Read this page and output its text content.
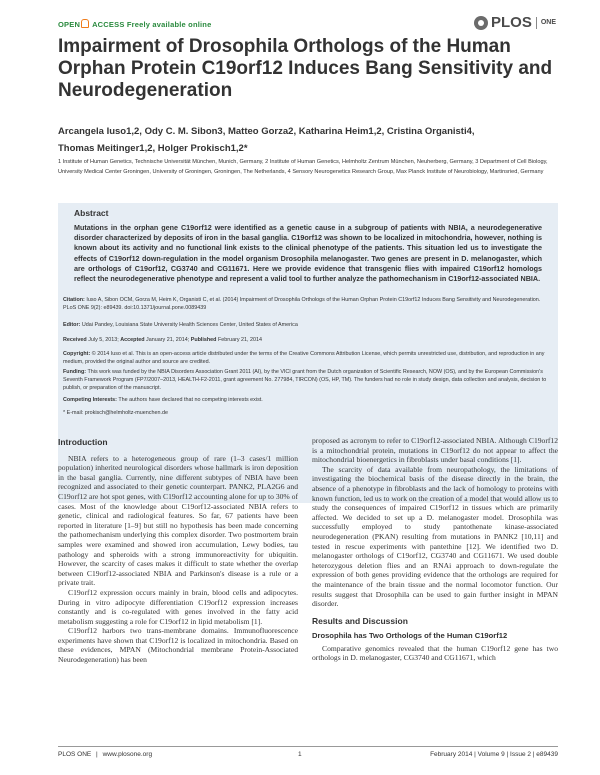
OPEN ACCESS Freely available online	PLOS ONE
Impairment of Drosophila Orthologs of the Human Orphan Protein C19orf12 Induces Bang Sensitivity and Neurodegeneration
Arcangela Iuso1,2, Ody C. M. Sibon3, Matteo Gorza2, Katharina Heim1,2, Cristina Organisti4,
Thomas Meitinger1,2, Holger Prokisch1,2*
1 Institute of Human Genetics, Technische Universität München, Munich, Germany, 2 Institute of Human Genetics, Helmholtz Zentrum München, Neuherberg, Germany, 3 Department of Cell Biology, University Medical Center Groningen, University of Groningen, Groningen, The Netherlands, 4 Sensory Neurogenetics Research Group, Max Planck Institute of Neurobiology, Martinsried, Germany
Abstract
Mutations in the orphan gene C19orf12 were identified as a genetic cause in a subgroup of patients with NBIA, a neurodegenerative disorder characterized by deposits of iron in the basal ganglia. C19orf12 was shown to be localized in mitochondria, however, nothing is known about its activity and no functional link exists to the clinical phenotype of the patients. This situation led us to investigate the effects of C19orf12 down-regulation in the model organism Drosophila melanogaster. Two genes are present in D. melanogaster, which are orthologs of C19orf12, CG3740 and CG11671. Here we provide evidence that transgenic flies with impaired C19orf12 homologs reflect the neurodegenerative phenotype and represent a valid tool to further analyze the pathomechanism in C19orf12-associated NBIA.
Citation: Iuso A, Sibon OCM, Gorza M, Heim K, Organisti C, et al. (2014) Impairment of Drosophila Orthologs of the Human Orphan Protein C19orf12 Induces Bang Sensitivity and Neurodegeneration. PLoS ONE 9(2): e89439. doi:10.1371/journal.pone.0089439
Editor: Udai Pandey, Louisiana State University Health Sciences Center, United States of America
Received July 5, 2013; Accepted January 21, 2014; Published February 21, 2014
Copyright: © 2014 Iuso et al. This is an open-access article distributed under the terms of the Creative Commons Attribution License, which permits unrestricted use, distribution, and reproduction in any medium, provided the original author and source are credited.
Funding: This work was funded by the NBIA Disorders Association Grant 2011 (AI), by the VICI grant from the Dutch organization of Scientific Research, NOW (OS), and by the European Commission's Seventh Framework Program (FP7/2007–2013, HEALTH-F2-2011, grant agreement No. 277984, TIRCON) (OS, HP, TM). The funders had no role in study design, data collection and analysis, decision to publish, or preparation of the manuscript.
Competing Interests: The authors have declared that no competing interests exist.
* E-mail: prokisch@helmholtz-muenchen.de
Introduction

NBIA refers to a heterogeneous group of rare (1–3 cases/1 million population) inherited neurological disorders whose hallmark is iron deposition in the basal ganglia. Currently, nine different subtypes of NBIA have been recognized and associated to their genetic counterpart. PANK2, PLA2G6 and C19orf12 are hot spot genes, with C19orf12 accounting alone for up to 30% of cases. Most of the knowledge about C19orf12-associated NBIA refers to genetic, clinical and radiological features. So far, 67 patients have been reported in literature [1–9] but still no hypothesis has been made concerning the pathomechanism underlying this complex disorder. Two postmortem brain samples were examined and showed iron accumulation, Lewy bodies, tau pathology and spheroids with a strong immunoreactivity for ubiquitin. However, the scarcity of cases makes it difficult to state whether the overlap between C19orf12-associated NBIA and Parkinson's disease is a rule or a private trait.

C19orf12 expression occurs mainly in brain, blood cells and adipocytes. During in vitro adipocyte differentiation C19orf12 expression increases constantly and is co-regulated with genes involved in the fatty acid metabolism suggesting a role for C19orf12 in lipid metabolism [1].

C19orf12 harbors two trans-membrane domains. Immunofluorescence experiments have shown that C19orf12 is localized in mitochondria. Based on these evidences, MPAN (Mitochondrial membrane Protein-Associated Neurodegeneration) has been

proposed as acronym to refer to C19orf12-associated NBIA. Although C19orf12 is a mitochondrial protein, mutations in C19orf12 do not appear to affect the mitochondrial bioenergetics in fibroblasts under basal conditions [1].

The scarcity of data available from neuropathology, the limitations of investigating the biochemical basis of the disease directly in the brain, the absence of a phenotype in fibroblasts and the lack of homology to proteins with known function, led us to work on the creation of a model that would allow us to study the consequences of impaired C19orf12 in tissues which are primarily affected. We decided to set up a D. melanogaster model. Drosophila was successfully employed to study pantothenate kinase-associated neurodegeneration (PKAN) resulting from mutations in PANK2 [10,11] and tested in rescue experiments with pantethine [12]. We identified two D. melanogaster orthologs of C19orf12, CG3740 and CG11671. We used double heterozygous deletion flies and an RNAi approach to down-regulate the expression of both genes providing evidence that the orthologs are required for the maintenance of the brain tissue and the normal locomotor function. Our results suggest that Drosophila can be used to gain further insight in MPAN disorder.

Results and Discussion
Drosophila has Two Orthologs of the Human C19orf12

Comparative genomics revealed that the human C19orf12 gene has two orthologs in D. melanogaster, CG3740 and CG11671, which

PLOS ONE | www.plosone.org	1	February 2014 | Volume 9 | Issue 2 | e89439
